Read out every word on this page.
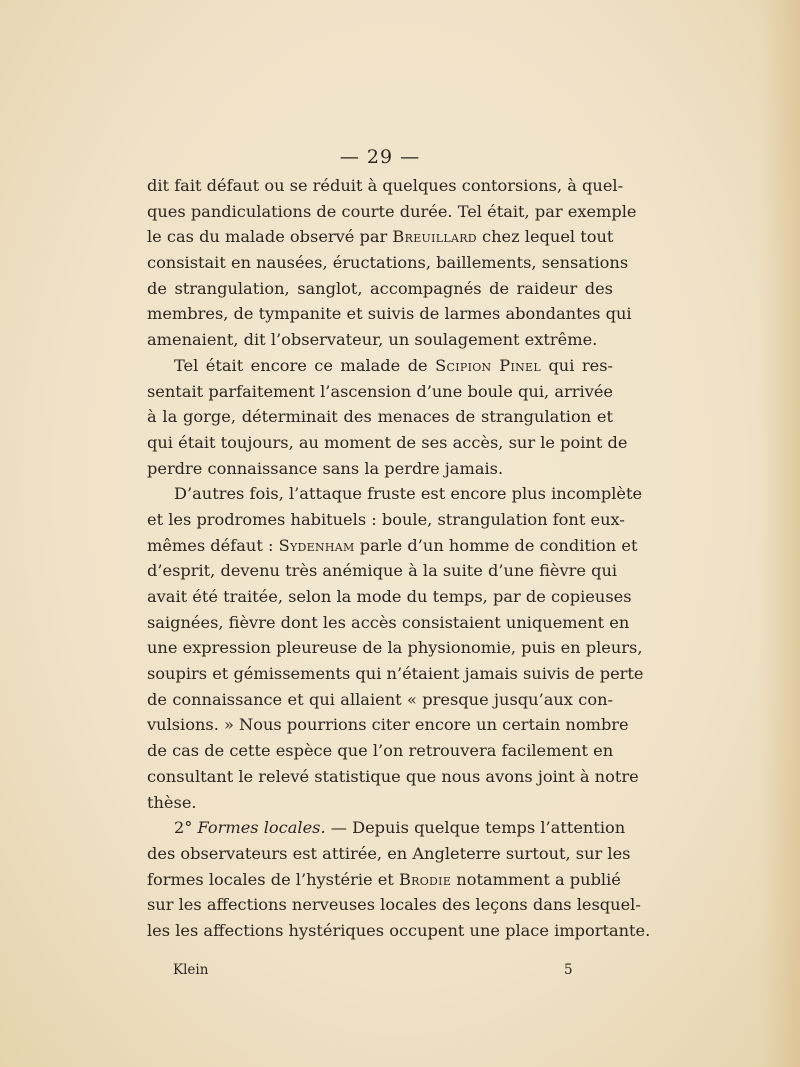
— 29 —
dit fait défaut ou se réduit à quelques contorsions, à quel-
ques pandiculations de courte durée. Tel était, par exemple
le cas du malade observé par Breuillard chez lequel tout
consistait en nausées, éructations, baillements, sensations
de strangulation, sanglot, accompagnés de raideur des
membres, de tympanite et suivis de larmes abondantes qui
amenaient, dit l’observateur, un soulagement extrême.
Tel était encore ce malade de Scipion Pinel qui res-
sentait parfaitement l’ascension d’une boule qui, arrivée
à la gorge, déterminait des menaces de strangulation et
qui était toujours, au moment de ses accès, sur le point de
perdre connaissance sans la perdre jamais.
D’autres fois, l’attaque fruste est encore plus incomplète
et les prodromes habituels : boule, strangulation font eux-
mêmes défaut : Sydenham parle d’un homme de condition et
d’esprit, devenu très anémique à la suite d’une fièvre qui
avait été traitée, selon la mode du temps, par de copieuses
saignées, fièvre dont les accès consistaient uniquement en
une expression pleureuse de la physionomie, puis en pleurs,
soupirs et gémissements qui n’étaient jamais suivis de perte
de connaissance et qui allaient « presque jusqu’aux con-
vulsions. » Nous pourrions citer encore un certain nombre
de cas de cette espèce que l’on retrouvera facilement en
consultant le relevé statistique que nous avons joint à notre
thèse.
2° Formes locales. — Depuis quelque temps l’attention
des observateurs est attirée, en Angleterre surtout, sur les
formes locales de l’hystérie et Brodie notamment a publié
sur les affections nerveuses locales des leçons dans lesquel-
les les affections hystériques occupent une place importante.
Klein	5
